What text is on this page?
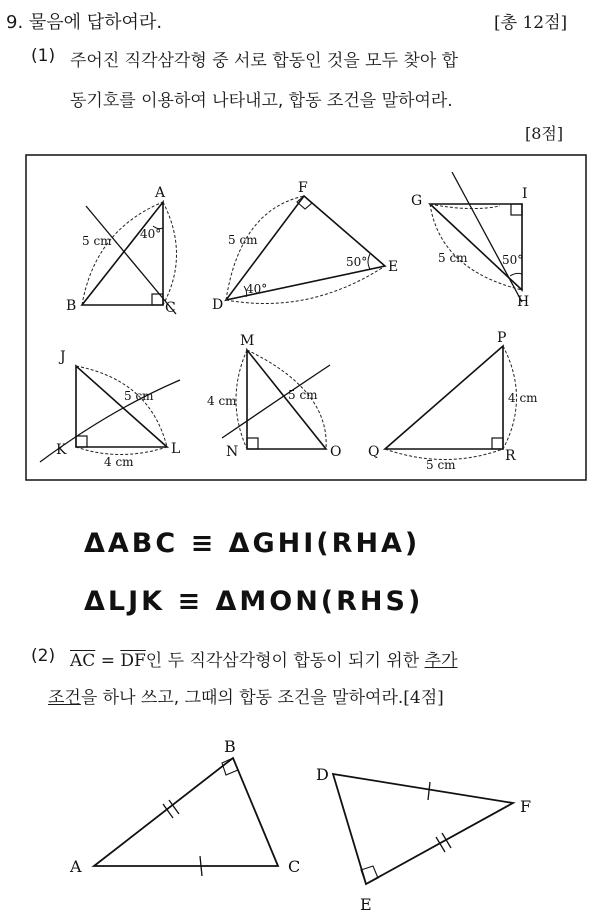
9. 물음에 답하여라.	[총 12점]
(1) 주어진 직각삼각형 중 서로 합동인 것을 모두 찾아 합
동기호를 이용하여 나타내고, 합동 조건을 말하여라.
[8점]
A
B	C
5 cm 40°
F
E
D
5 cm
40°
50°
G	I
H
5 cm	50°
J
K	L
5 cm
4 cm
M
N	O
4 cm	5 cm
P
Q	R
4 cm
5 cm
A
B
C
D
F
E
ΔABC ≡ ΔGHI(RHA)
ΔLJK ≡ ΔMON(RHS)
(2) $\overline{AC} = \overline{DF}$인 두 직각삼각형이 합동이 되기 위한 추가
조건을 하나 쓰고, 그때의 합동 조건을 말하여라.[4점]
